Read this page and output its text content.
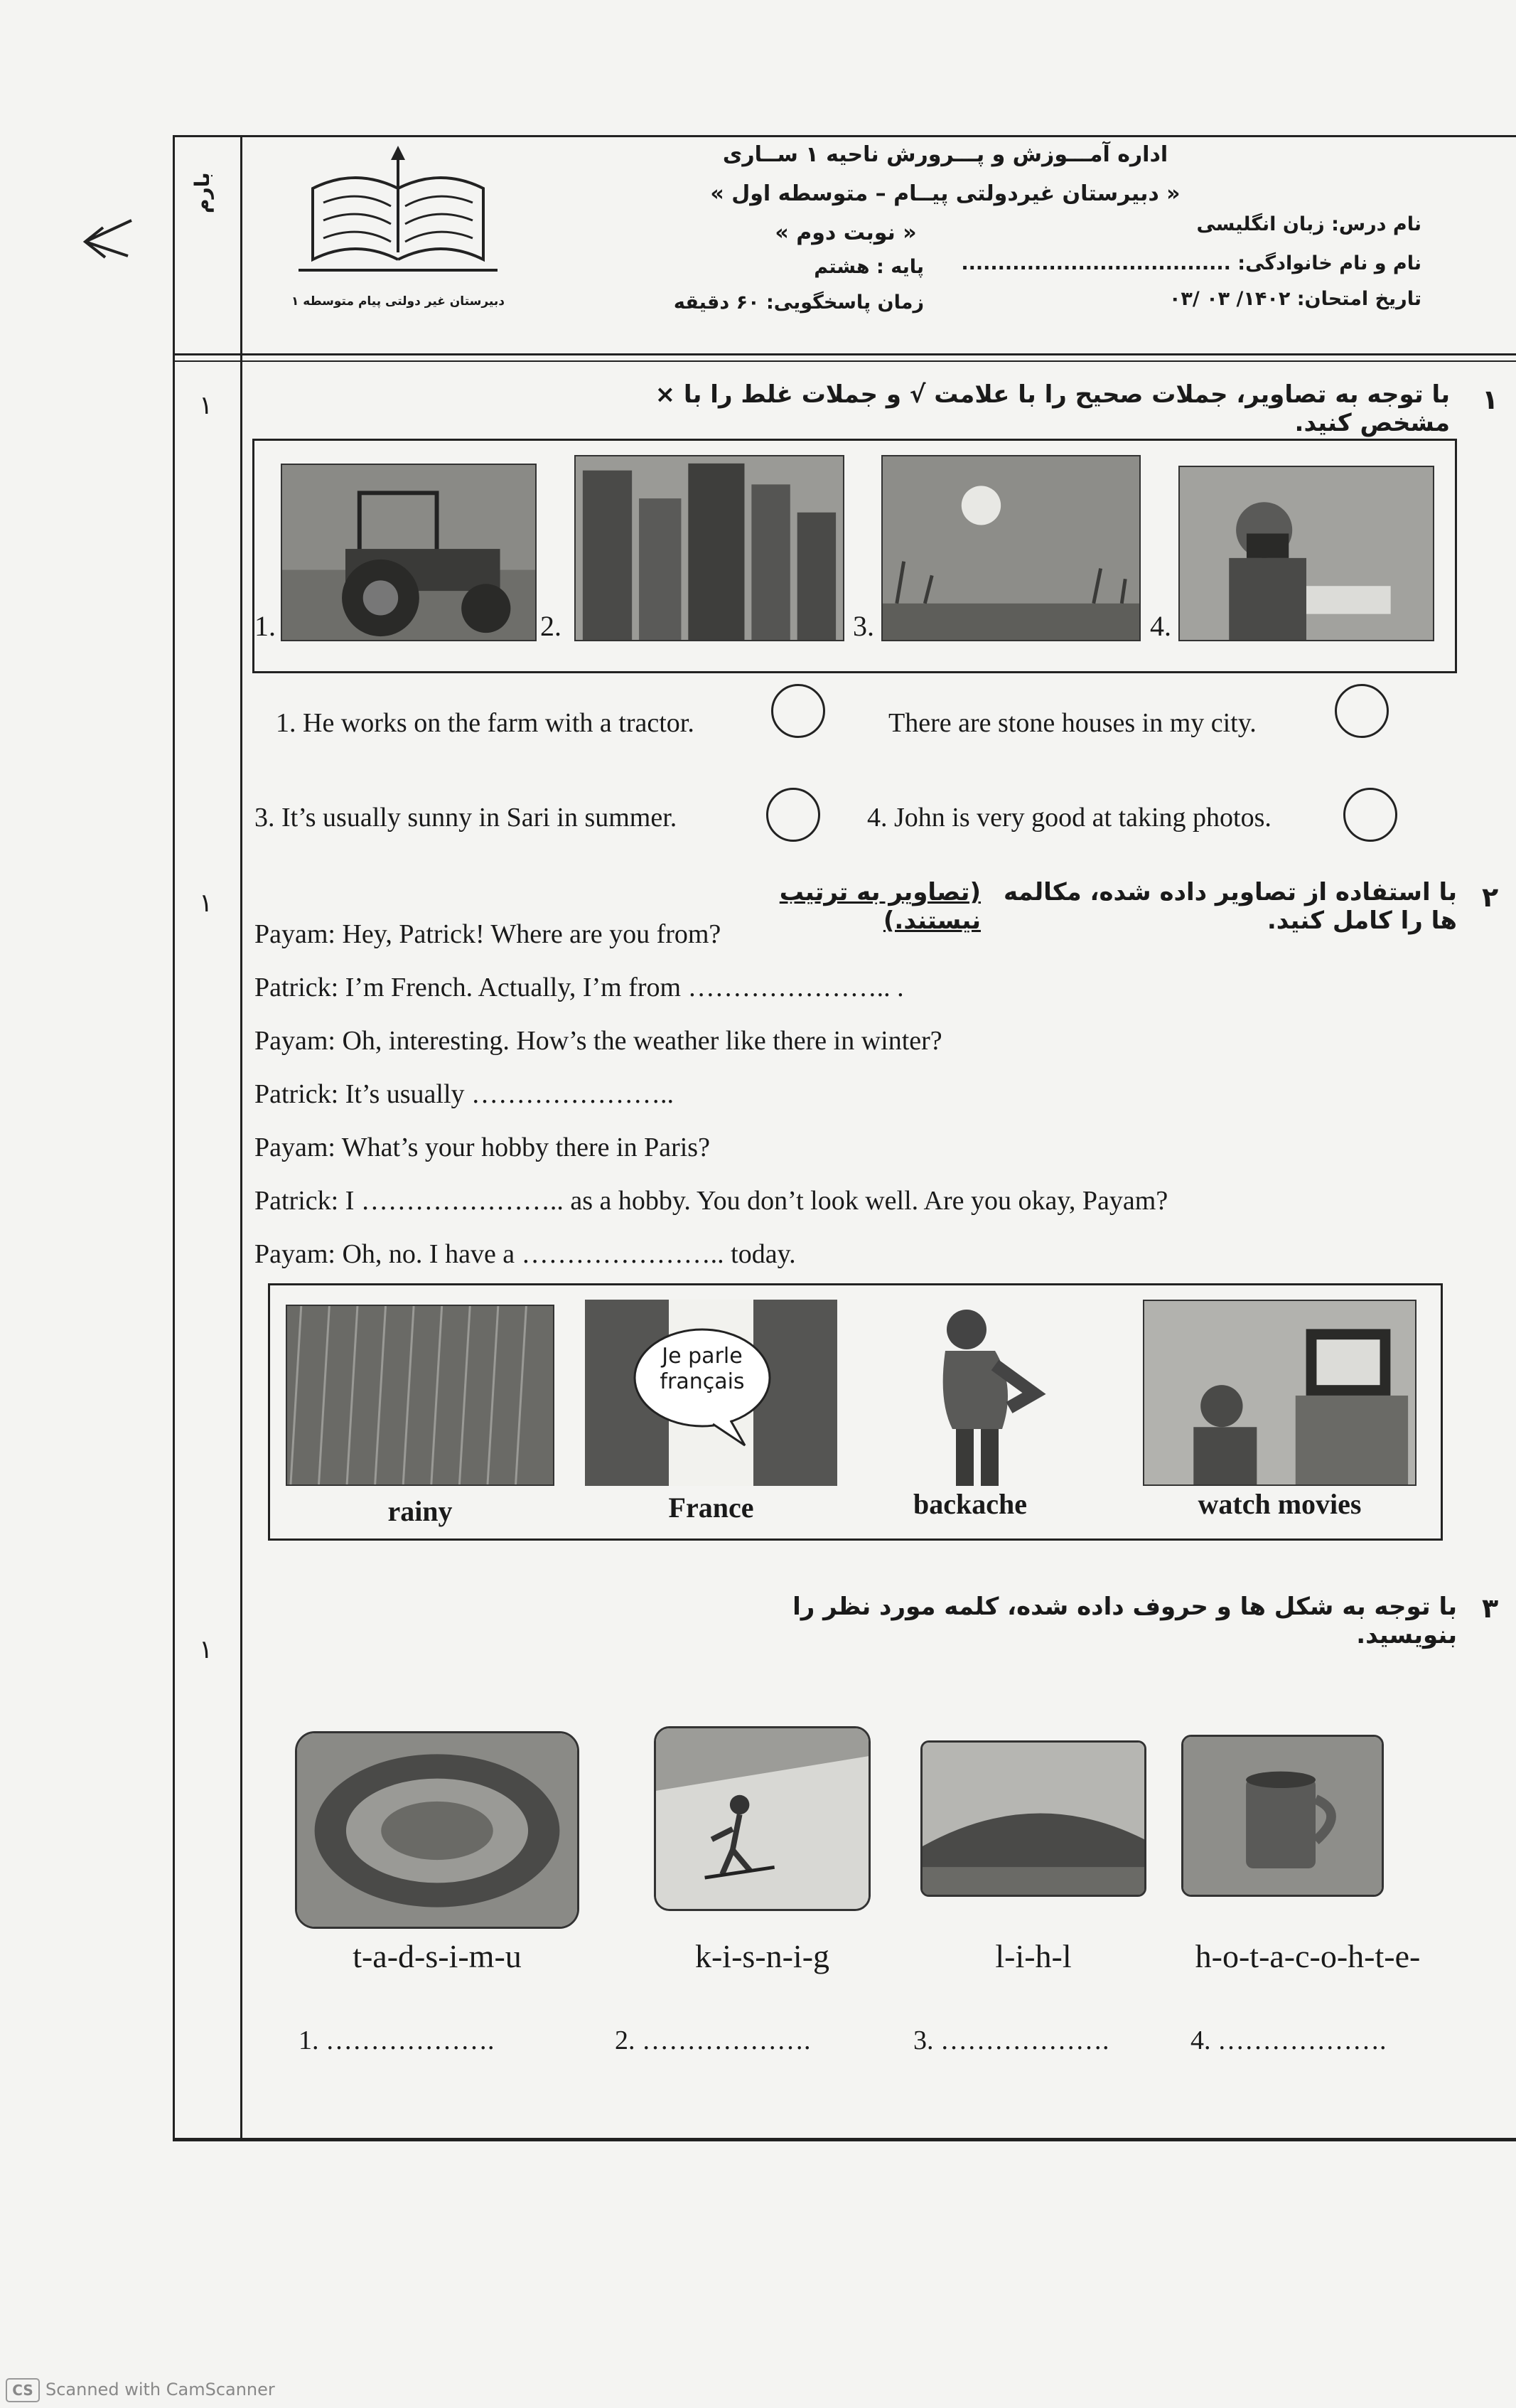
بارم
دبیرستان غیر دولتی پیام متوسطه ۱
اداره آمـــوزش و پـــرورش ناحیه ۱ ســاری
« دبیرستان غیردولتی پیــام – متوسطه اول »
« نوبت دوم »
پایه : هشتم
زمان پاسخگویی: ۶۰ دقیقه
نام درس: زبان انگلیسی
نام و نام خانوادگی: .....................................
تاریخ امتحان: ۱۴۰۲/ ۰۳ /۰۳
۱
۱	با توجه به تصاویر، جملات صحیح را با علامت √ و جملات غلط را با × مشخص کنید.
1.	2.	3.	4.
1. He works on the farm with a tractor.	There are stone houses in my city.
3. It’s usually sunny in Sari in summer.	4. John is very good at taking photos.
۲
۱	با استفاده از تصاویر داده شده، مکالمه ها را کامل کنید.
(تصاویر به ترتیب نیستند.)
Payam: Hey, Patrick! Where are you from?
Patrick: I’m French. Actually, I’m from ………………….. .
Payam: Oh, interesting. How’s the weather like there in winter?
Patrick: It’s usually …………………..
Payam: What’s your hobby there in Paris?
Patrick: I ………………….. as a hobby. You don’t look well. Are you okay, Payam?
Payam: Oh, no. I have a ………………….. today.
rainy
Je parle
français
France	backache	watch movies
۳
۱
با توجه به شکل ها و حروف داده شده، کلمه مورد نظر را بنویسید.
t-a-d-s-i-m-u	k-i-s-n-i-g	l-i-h-l	h-o-t-a-c-o-h-t-e-
1. ……………….	2. ……………….	3. ……………….	4. ……………….
CS Scanned with CamScanner
